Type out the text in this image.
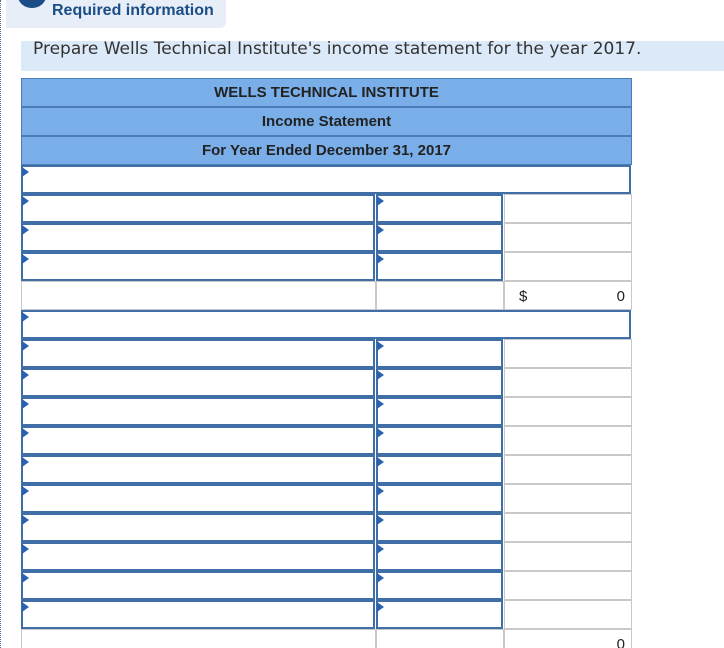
Required information
Prepare Wells Technical Institute's income statement for the year 2017.
WELLS TECHNICAL INSTITUTE
Income Statement
For Year Ended December 31, 2017
$	0
0
